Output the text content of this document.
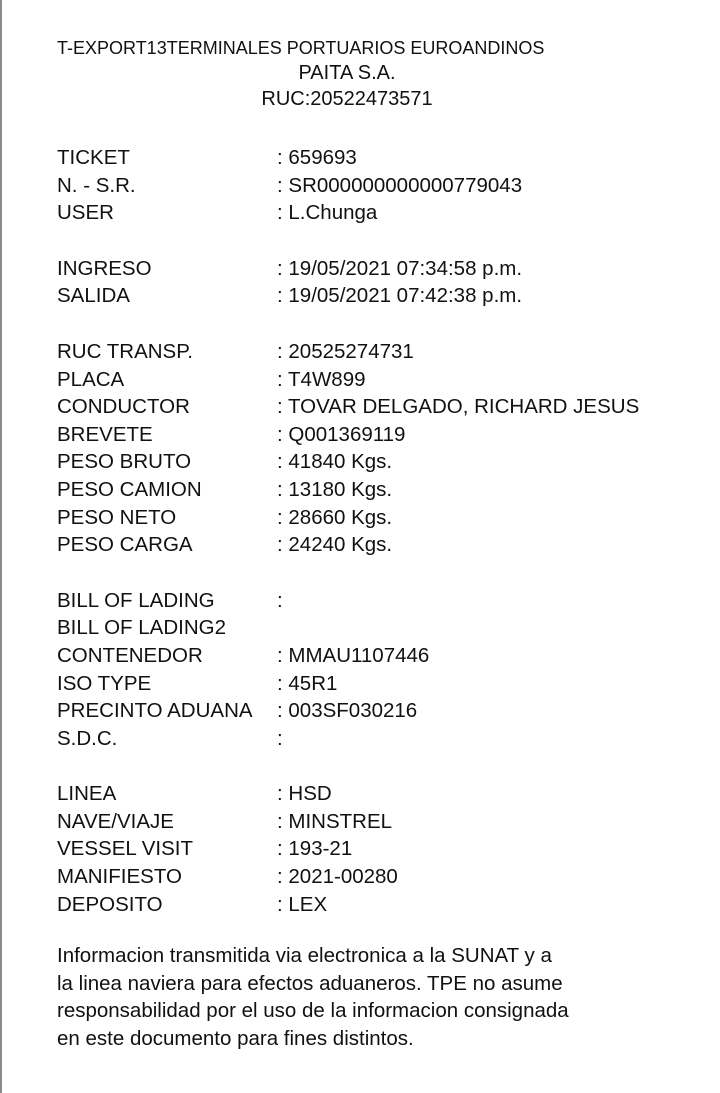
T-EXPORT13TERMINALES PORTUARIOS EUROANDINOS
PAITA S.A.
RUC:20522473571
TICKET	: 659693
N. - S.R.	: SR000000000000779043
USER	: L.Chunga
INGRESO	: 19/05/2021 07:34:58 p.m.
SALIDA	: 19/05/2021 07:42:38 p.m.
RUC TRANSP.	: 20525274731
PLACA	: T4W899
CONDUCTOR	: TOVAR DELGADO, RICHARD JESUS
BREVETE	: Q001369119
PESO BRUTO	: 41840 Kgs.
PESO CAMION	: 13180 Kgs.
PESO NETO	: 28660 Kgs.
PESO CARGA	: 24240 Kgs.
BILL OF LADING	:
BILL OF LADING2
CONTENEDOR	: MMAU1107446
ISO TYPE	: 45R1
PRECINTO ADUANA	: 003SF030216
S.D.C.	:
LINEA	: HSD
NAVE/VIAJE	: MINSTREL
VESSEL VISIT	: 193-21
MANIFIESTO	: 2021-00280
DEPOSITO	: LEX
Informacion transmitida via electronica a la SUNAT y a
la linea naviera para efectos aduaneros. TPE no asume
responsabilidad por el uso de la informacion consignada
en este documento para fines distintos.
